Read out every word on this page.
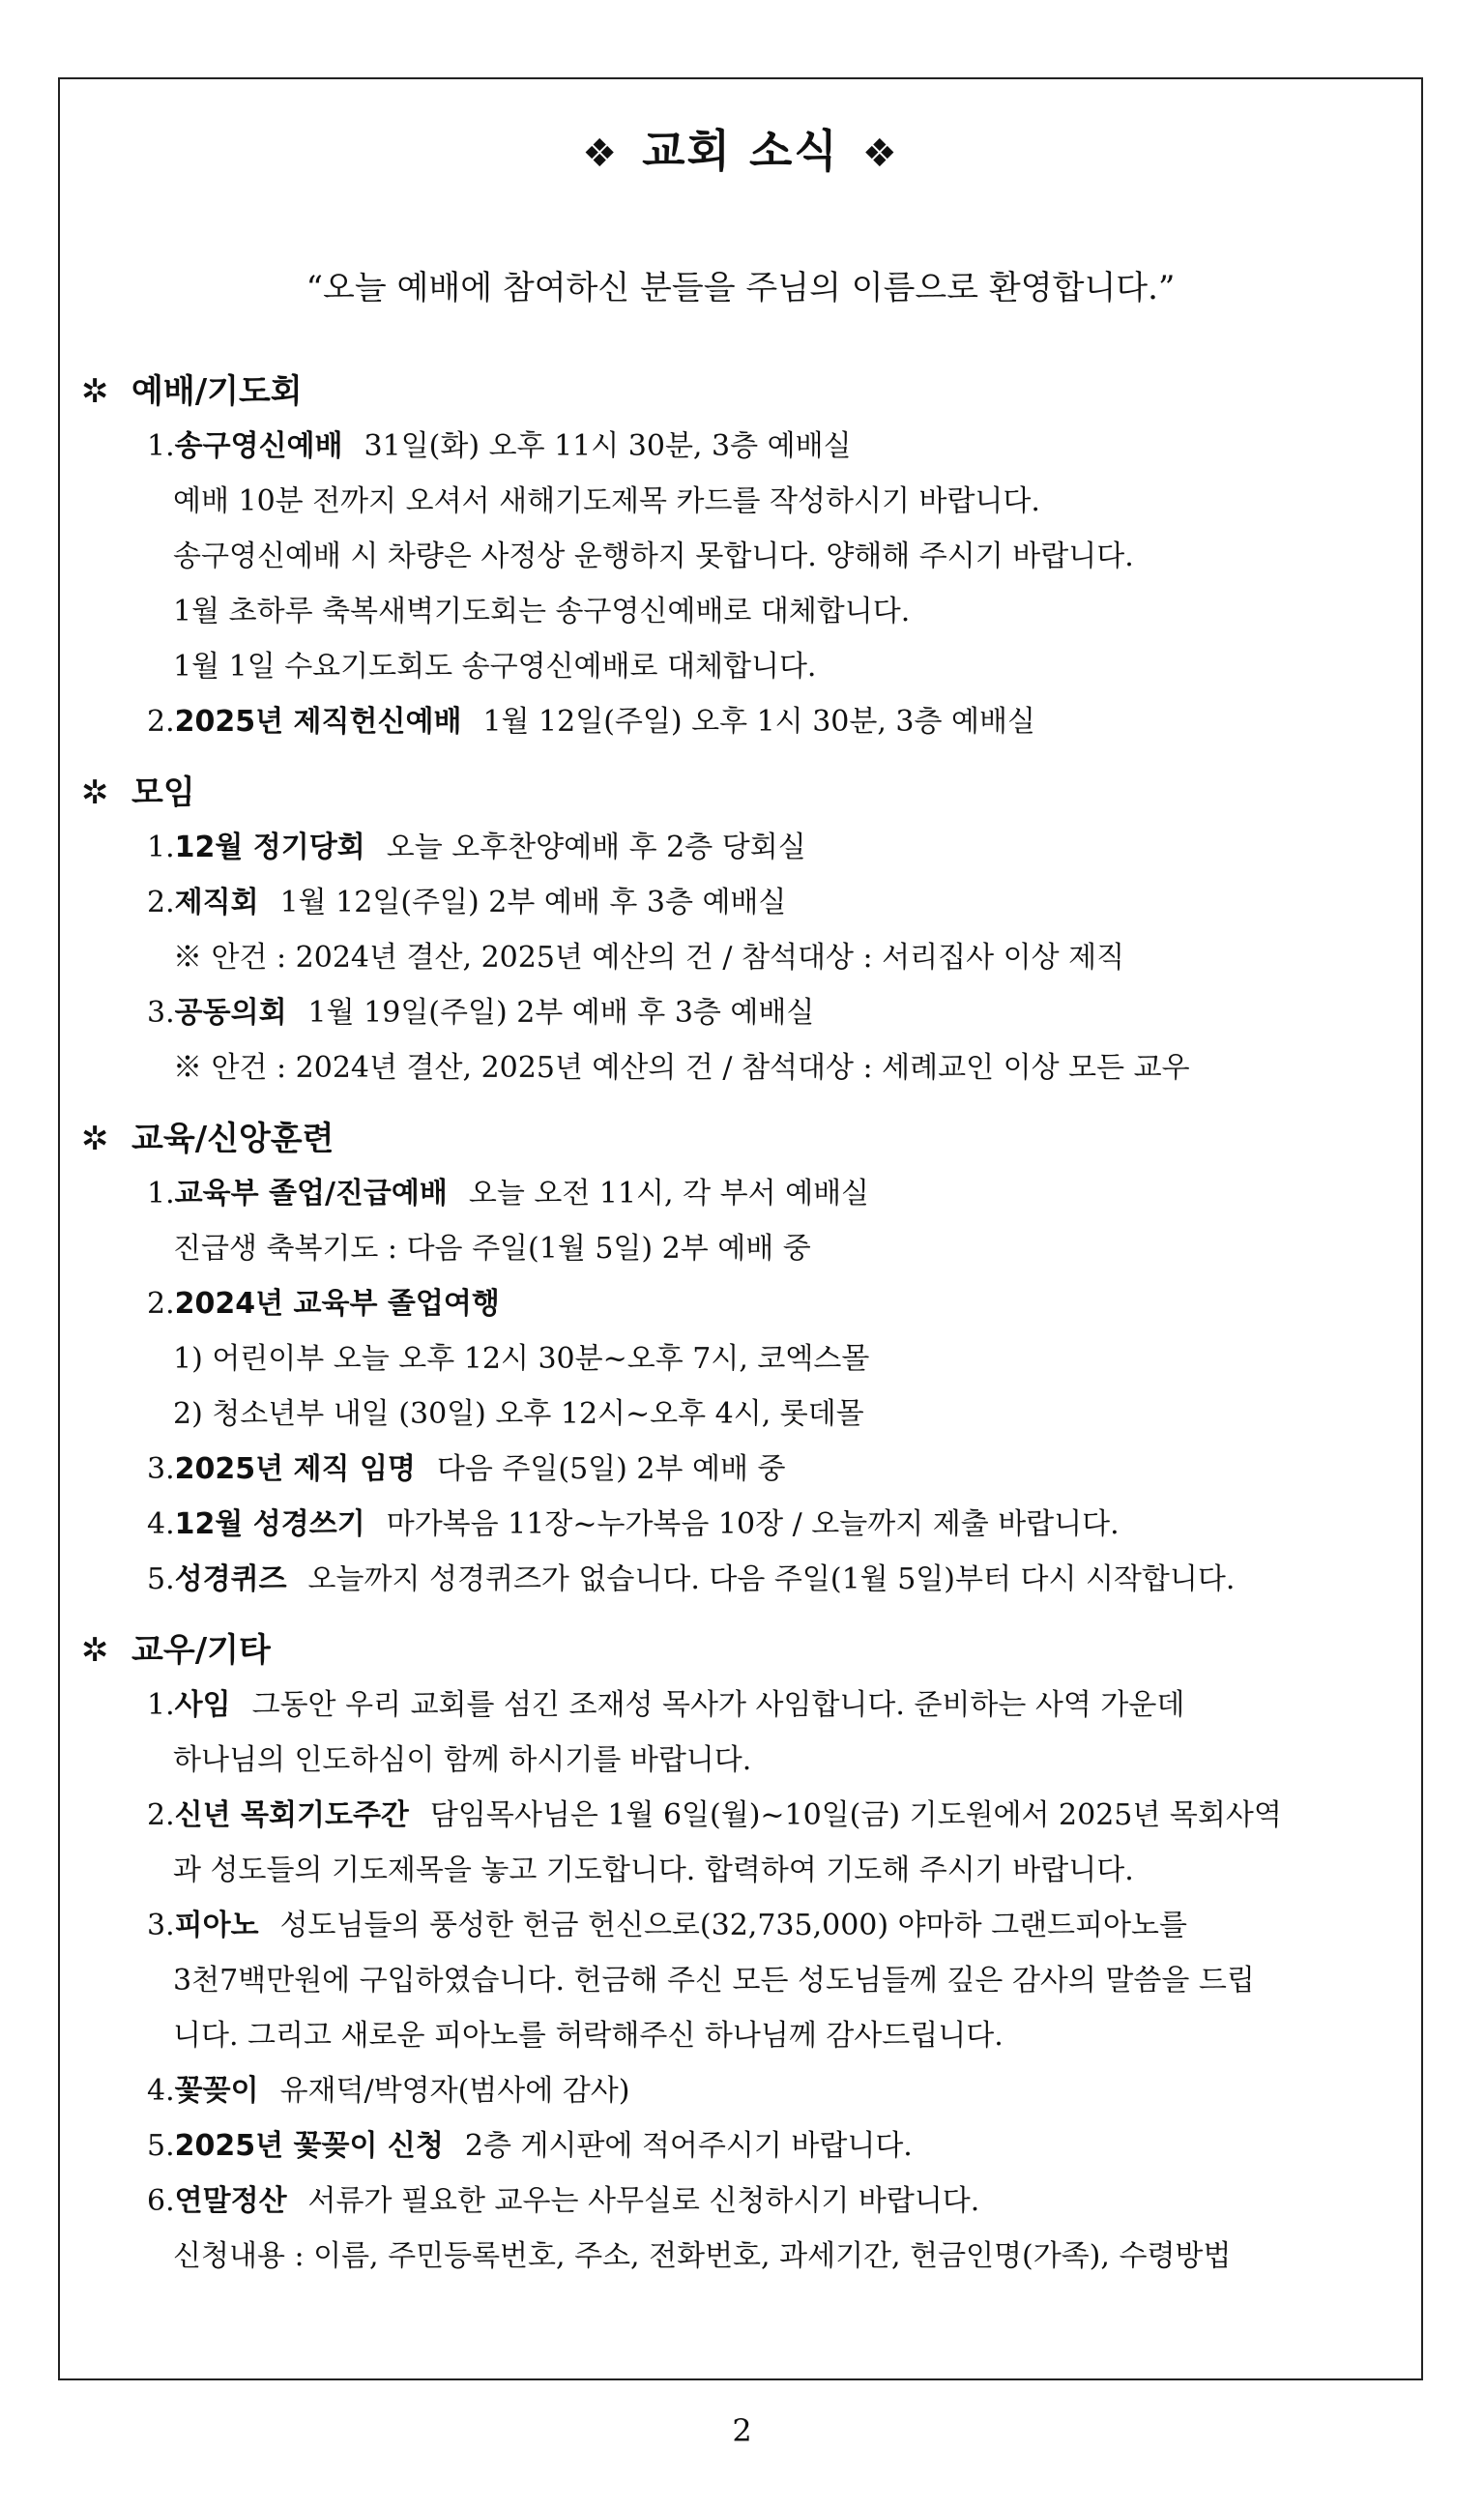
❖ 교회 소식 ❖
“오늘 예배에 참여하신 분들을 주님의 이름으로 환영합니다.”
✲ 예배/기도회
1.송구영신예배 31일(화) 오후 11시 30분, 3층 예배실
예배 10분 전까지 오셔서 새해기도제목 카드를 작성하시기 바랍니다.
송구영신예배 시 차량은 사정상 운행하지 못합니다. 양해해 주시기 바랍니다.
1월 초하루 축복새벽기도회는 송구영신예배로 대체합니다.
1월 1일 수요기도회도 송구영신예배로 대체합니다.
2.2025년 제직헌신예배 1월 12일(주일) 오후 1시 30분, 3층 예배실
✲ 모임
1.12월 정기당회 오늘 오후찬양예배 후 2층 당회실
2.제직회 1월 12일(주일) 2부 예배 후 3층 예배실
※ 안건 : 2024년 결산, 2025년 예산의 건 / 참석대상 : 서리집사 이상 제직
3.공동의회 1월 19일(주일) 2부 예배 후 3층 예배실
※ 안건 : 2024년 결산, 2025년 예산의 건 / 참석대상 : 세례교인 이상 모든 교우
✲ 교육/신앙훈련
1.교육부 졸업/진급예배 오늘 오전 11시, 각 부서 예배실
진급생 축복기도 : 다음 주일(1월 5일) 2부 예배 중
2.2024년 교육부 졸업여행
1) 어린이부 오늘 오후 12시 30분~오후 7시, 코엑스몰
2) 청소년부 내일 (30일) 오후 12시~오후 4시, 롯데몰
3.2025년 제직 임명 다음 주일(5일) 2부 예배 중
4.12월 성경쓰기 마가복음 11장~누가복음 10장 / 오늘까지 제출 바랍니다.
5.성경퀴즈 오늘까지 성경퀴즈가 없습니다. 다음 주일(1월 5일)부터 다시 시작합니다.
✲ 교우/기타
1.사임 그동안 우리 교회를 섬긴 조재성 목사가 사임합니다. 준비하는 사역 가운데
하나님의 인도하심이 함께 하시기를 바랍니다.
2.신년 목회기도주간 담임목사님은 1월 6일(월)~10일(금) 기도원에서 2025년 목회사역
과 성도들의 기도제목을 놓고 기도합니다. 합력하여 기도해 주시기 바랍니다.
3.피아노 성도님들의 풍성한 헌금 헌신으로(32,735,000) 야마하 그랜드피아노를
3천7백만원에 구입하였습니다. 헌금해 주신 모든 성도님들께 깊은 감사의 말씀을 드립
니다. 그리고 새로운 피아노를 허락해주신 하나님께 감사드립니다.
4.꽃꽂이 유재덕/박영자(범사에 감사)
5.2025년 꽃꽂이 신청 2층 게시판에 적어주시기 바랍니다.
6.연말정산 서류가 필요한 교우는 사무실로 신청하시기 바랍니다.
신청내용 : 이름, 주민등록번호, 주소, 전화번호, 과세기간, 헌금인명(가족), 수령방법
2
